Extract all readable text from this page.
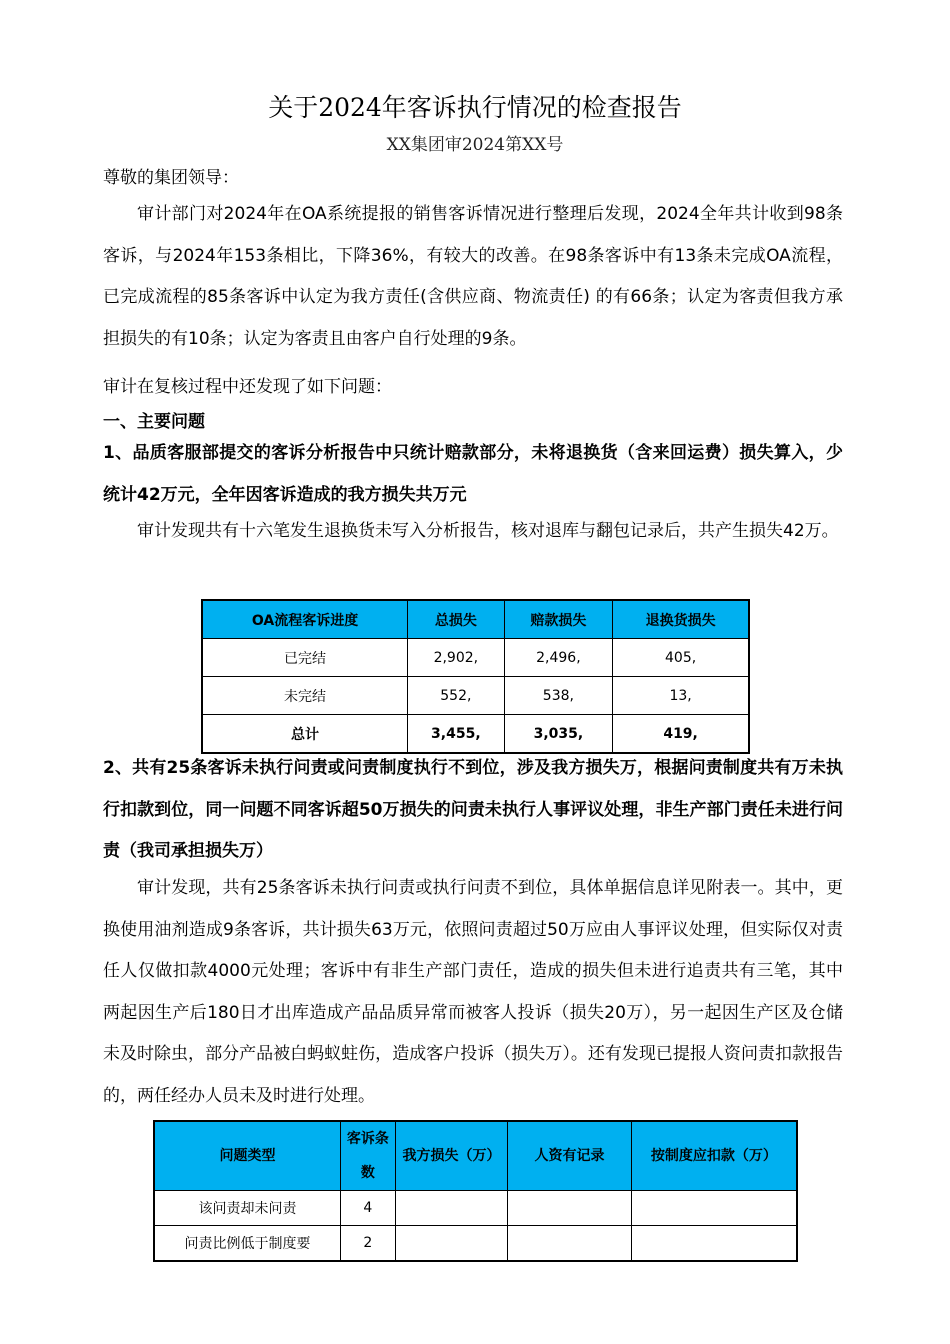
关于2024年客诉执行情况的检查报告
XX集团审2024第XX号
尊敬的集团领导：
审计部门对2024年在OA系统提报的销售客诉情况进行整理后发现，2024全年共计收到98条客诉，与2024年153条相比，下降36%，有较大的改善。在98条客诉中有13条未完成OA流程，已完成流程的85条客诉中认定为我方责任(含供应商、物流责任) 的有66条；认定为客责但我方承担损失的有10条；认定为客责且由客户自行处理的9条。
审计在复核过程中还发现了如下问题：
一、主要问题
1、品质客服部提交的客诉分析报告中只统计赔款部分，未将退换货（含来回运费）损失算入，少统计42万元，全年因客诉造成的我方损失共万元
审计发现共有十六笔发生退换货未写入分析报告，核对退库与翻包记录后，共产生损失42万。
OA流程客诉进度	总损失	赔款损失	退换货损失
已完结	2,902,	2,496,	405,
未完结	552,	538,	13,
总计	3,455,	3,035,	419,
2、共有25条客诉未执行问责或问责制度执行不到位，涉及我方损失万，根据问责制度共有万未执行扣款到位，同一问题不同客诉超50万损失的问责未执行人事评议处理，非生产部门责任未进行问责（我司承担损失万）
审计发现，共有25条客诉未执行问责或执行问责不到位，具体单据信息详见附表一。其中，更换使用油剂造成9条客诉，共计损失63万元，依照问责超过50万应由人事评议处理，但实际仅对责任人仅做扣款4000元处理；客诉中有非生产部门责任，造成的损失但未进行追责共有三笔，其中两起因生产后180日才出库造成产品品质异常而被客人投诉（损失20万），另一起因生产区及仓储未及时除虫，部分产品被白蚂蚁蛀伤，造成客户投诉（损失万）。还有发现已提报人资问责扣款报告的，两任经办人员未及时进行处理。
问题类型	客诉条数	我方损失（万）	人资有记录	按制度应扣款（万）
该问责却未问责	4			
问责比例低于制度要	2			
